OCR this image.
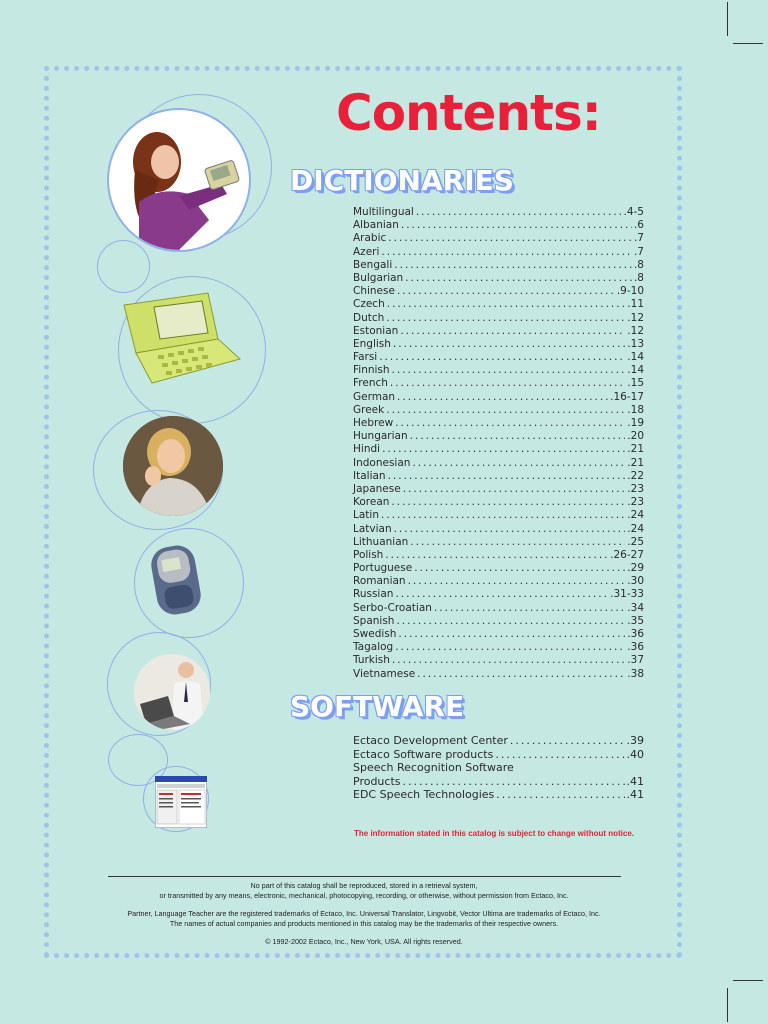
Contents:
DICTIONARIES
Multilingual .....	.4-5
Albanian .....	.6
Arabic .....	.7
Azeri .....	.7
Bengali .....	.8
Bulgarian .....	.8
Chinese .....	.9-10
Czech .....	.11
Dutch .....	.12
Estonian .....	.12
English .....	.13
Farsi .....	.14
Finnish .....	.14
French .....	.15
German .....	.16-17
Greek .....	.18
Hebrew .....	.19
Hungarian .....	.20
Hindi .....	.21
Indonesian .....	.21
Italian .....	.22
Japanese .....	.23
Korean .....	.23
Latin .....	.24
Latvian .....	.24
Lithuanian .....	.25
Polish .....	.26-27
Portuguese .....	.29
Romanian .....	.30
Russian .....	.31-33
Serbo-Croatian .....	.34
Spanish .....	.35
Swedish .....	.36
Tagalog .....	.36
Turkish .....	.37
Vietnamese .....	.38
SOFTWARE
Ectaco Development Center .....	.39
Ectaco Software products .....	.40
Speech Recognition Software
Products .....	.41
EDC Speech Technologies .....	.41

The information stated in this catalog is subject to change without notice.

No part of this catalog shall be reproduced, stored in a retrieval system,

or transmitted by any means, electronic, mechanical, photocopying, recording, or otherwise, without permission from Ectaco, Inc.

Partner, Language Teacher are the registered trademarks of Ectaco, Inc. Universal Translator, Lingvobit, Vector Ultima are trademarks of Ectaco, Inc.

The names of actual companies and products mentioned in this catalog may be the trademarks of their respective owners.

© 1992-2002 Ectaco, Inc., New York, USA. All rights reserved.
